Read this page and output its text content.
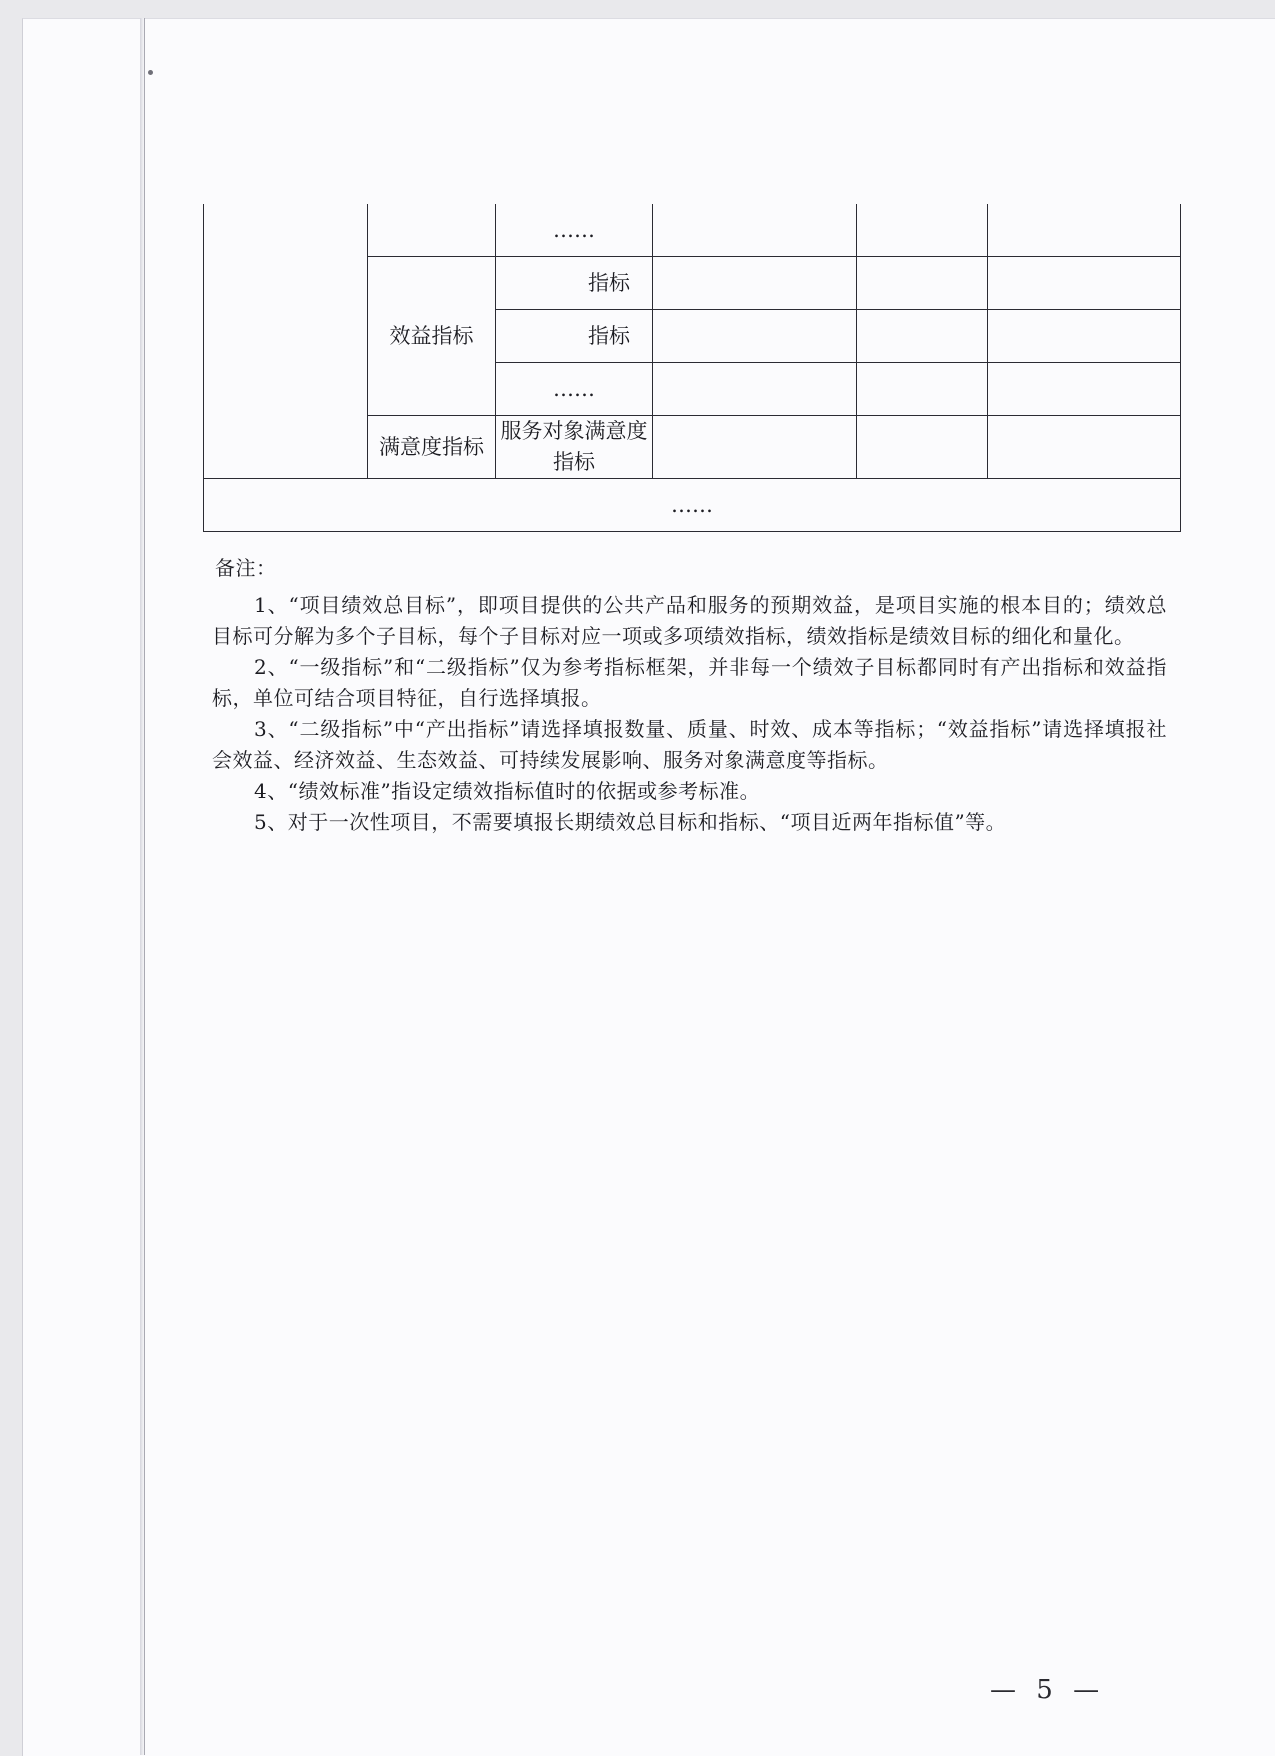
		……			
	效益指标	指标			
		指标			
		……			
	满意度指标	服务对象满意度指标			
……					

备注：

1、“项目绩效总目标”，即项目提供的公共产品和服务的预期效益，是项目实施的根本目的；绩效总目标可分解为多个子目标，每个子目标对应一项或多项绩效指标，绩效指标是绩效目标的细化和量化。

2、“一级指标”和“二级指标”仅为参考指标框架，并非每一个绩效子目标都同时有产出指标和效益指标，单位可结合项目特征，自行选择填报。

3、“二级指标”中“产出指标”请选择填报数量、质量、时效、成本等指标；“效益指标”请选择填报社会效益、经济效益、生态效益、可持续发展影响、服务对象满意度等指标。

4、“绩效标准”指设定绩效指标值时的依据或参考标准。

5、对于一次性项目，不需要填报长期绩效总目标和指标、“项目近两年指标值”等。

— 5 —
